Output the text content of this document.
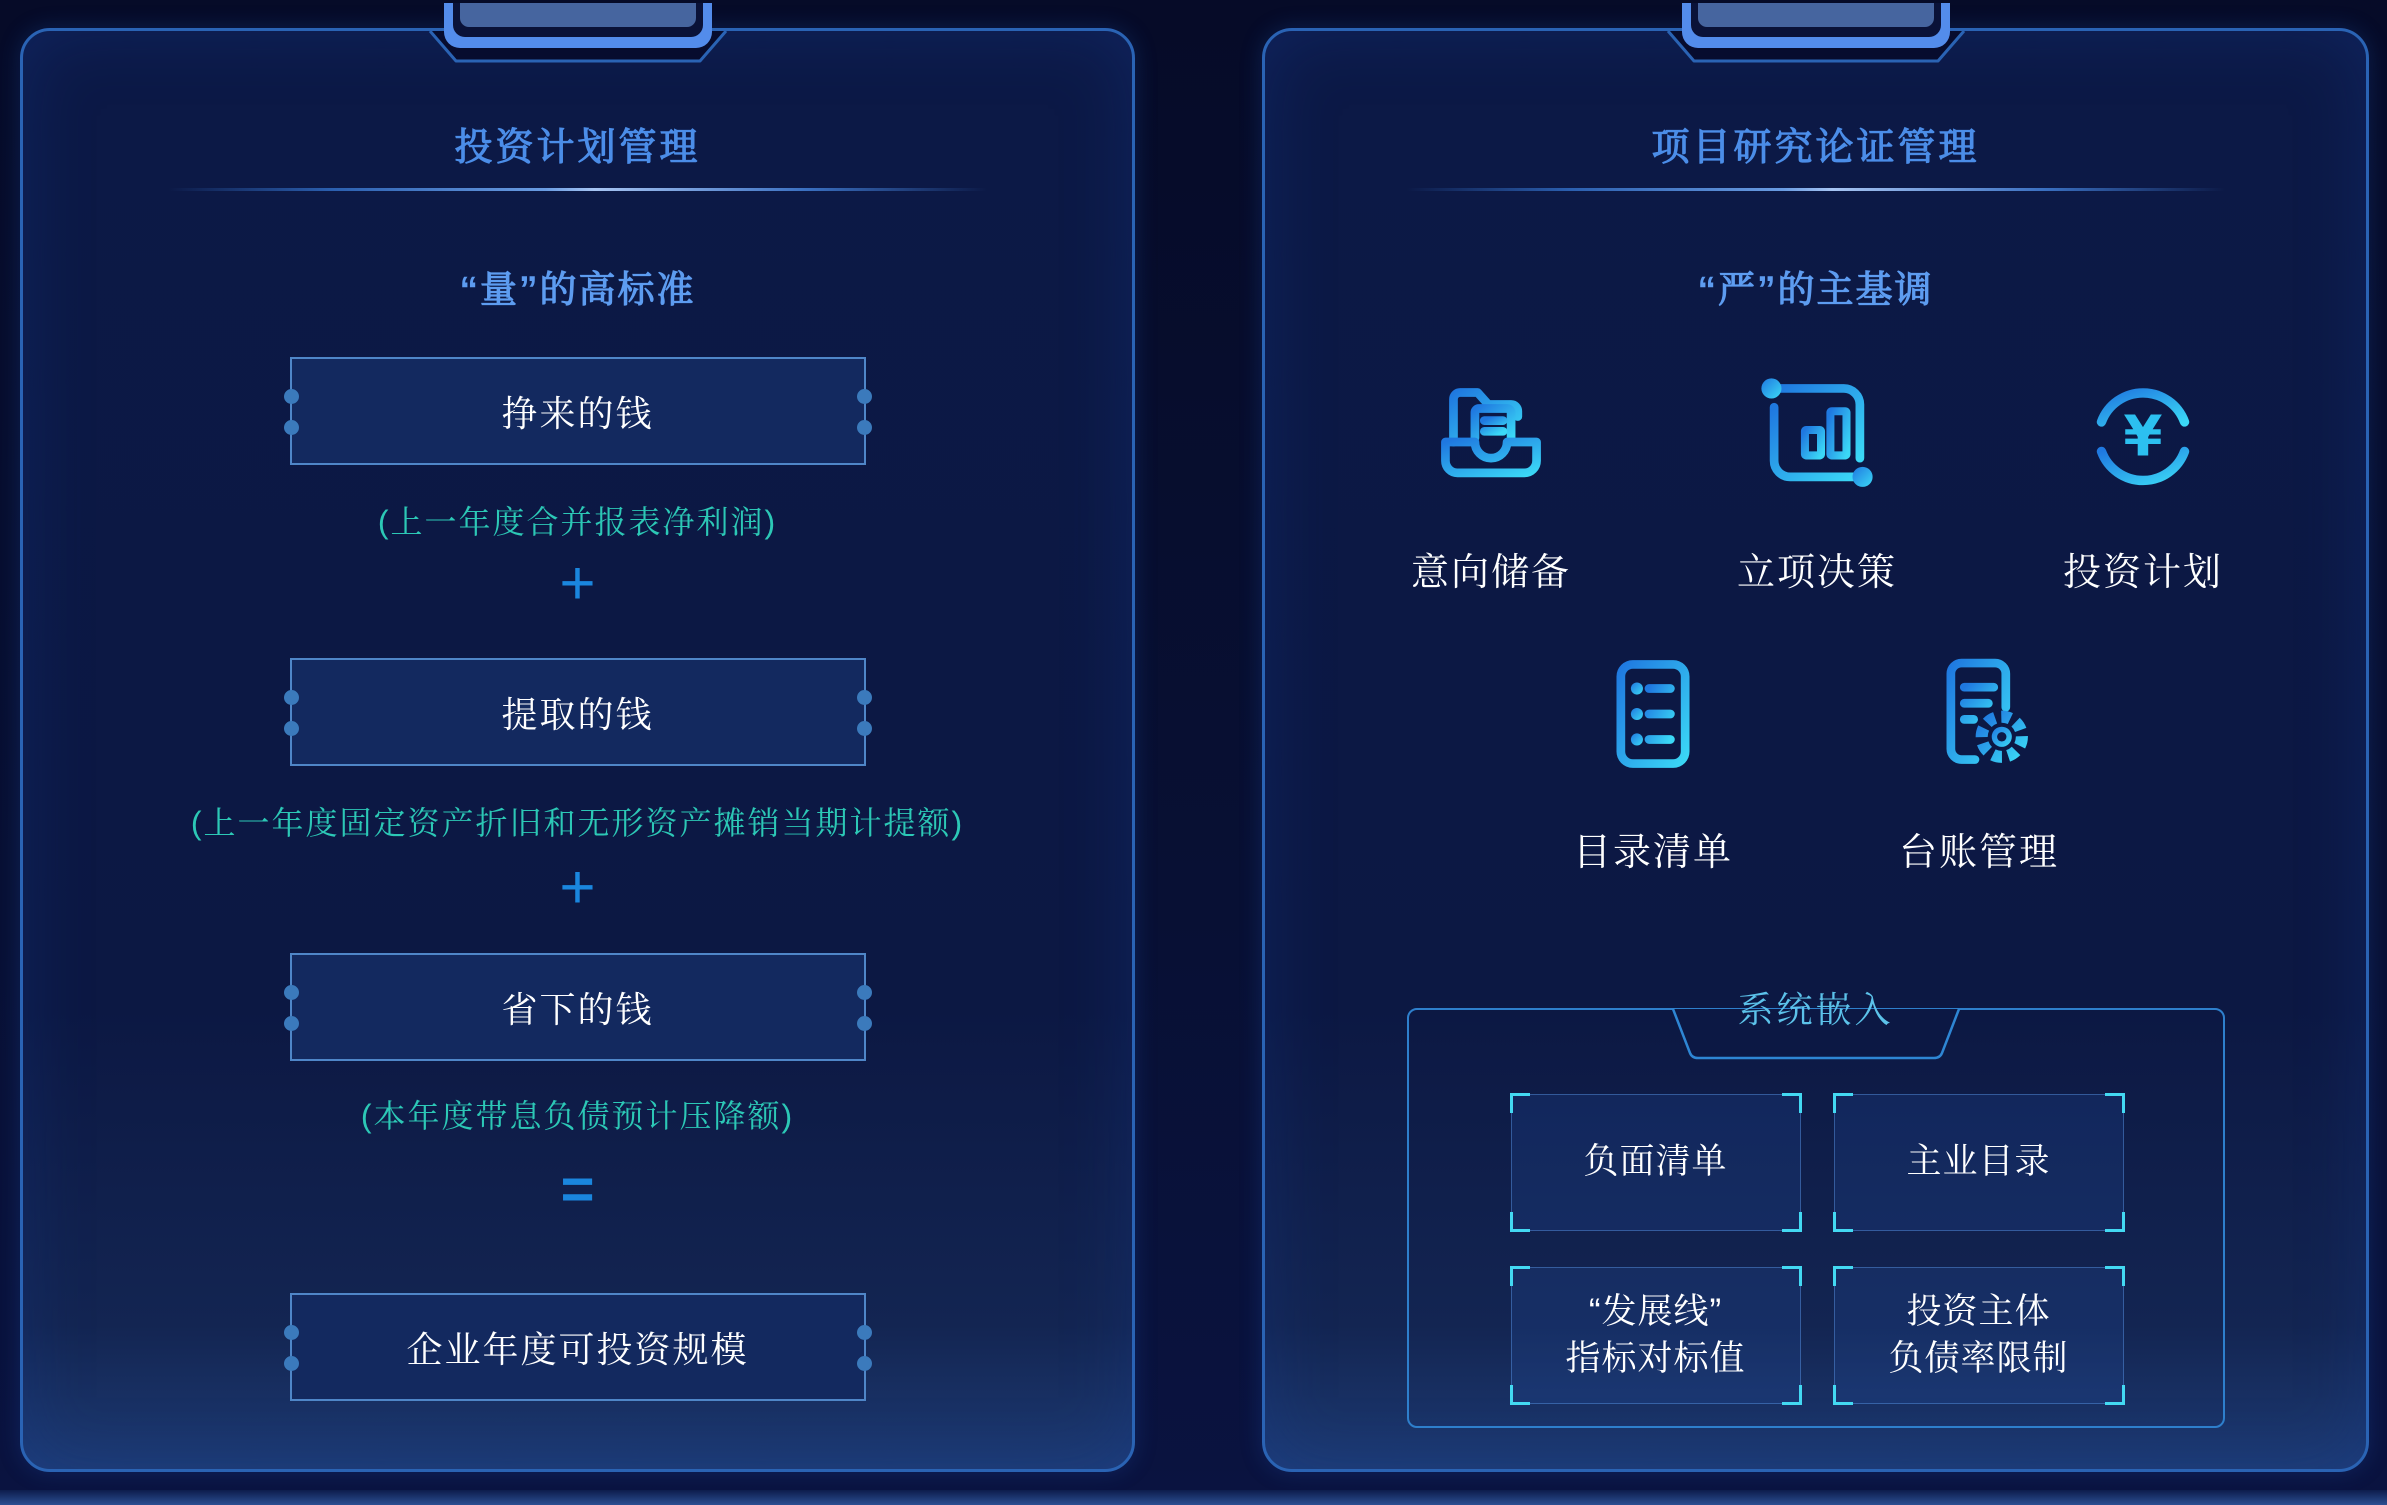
投资计划管理
“量”的高标准
挣来的钱
(上一年度合并报表净利润)
+
提取的钱
(上一年度固定资产折旧和无形资产摊销当期计提额)
+
省下的钱
(本年度带息负债预计压降额)
=
企业年度可投资规模
项目研究论证管理
“严”的主基调
意向储备	立项决策
¥
投资计划
目录清单	台账管理
系统嵌入
负面清单	主业目录
“发展线”
指标对标值
投资主体
负债率限制
